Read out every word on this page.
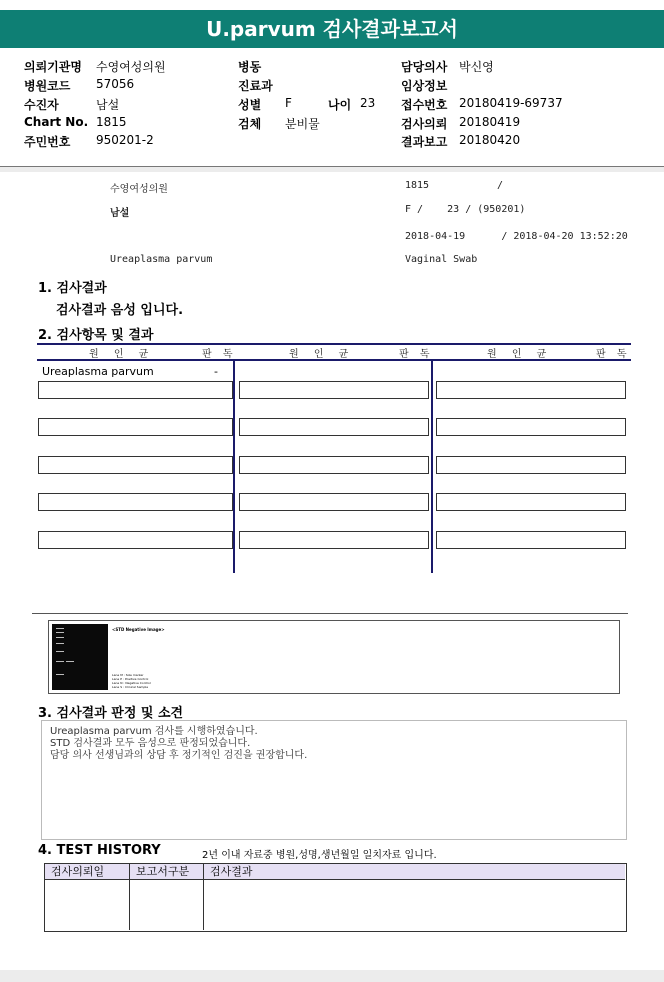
U.parvum 검사결과보고서
의뢰기관명 수영여성의원
병원코드 57056
수진자	남설
Chart No. 1815
주민번호 950201-2
병동
진료과
성별 F	나이 23
검체 분비물
담당의사 박신영
임상정보
접수번호 20180419-69737
검사의뢰 20180419
결과보고 20180420
수영여성의원	1815	/
남설	F /    23 / (950201)
2018-04-19      / 2018-04-20 13:52:20
Ureaplasma parvum	Vaginal Swab
1. 검사결과
검사결과 음성 입니다.
2. 검사항목 및 결과
원 인 균	판 독	원 인 균	판 독	원 인 균	판 독
Ureaplasma parvum	-
<STD Negative Image>
Lane M : Size marker
Lane P : Positive Control
Lane N : Negative Control
Lane S : Clinical Sample
3. 검사결과 판정 및 소견
Ureaplasma parvum 검사를 시행하였습니다.
STD 검사결과 모두 음성으로 판정되었습니다.
담당 의사 선생님과의 상담 후 정기적인 검진을 권장합니다.
4. TEST HISTORY	2년 이내 자료중 병원,성명,생년월일 일치자료 입니다.
검사의뢰일	보고서구분	검사결과
